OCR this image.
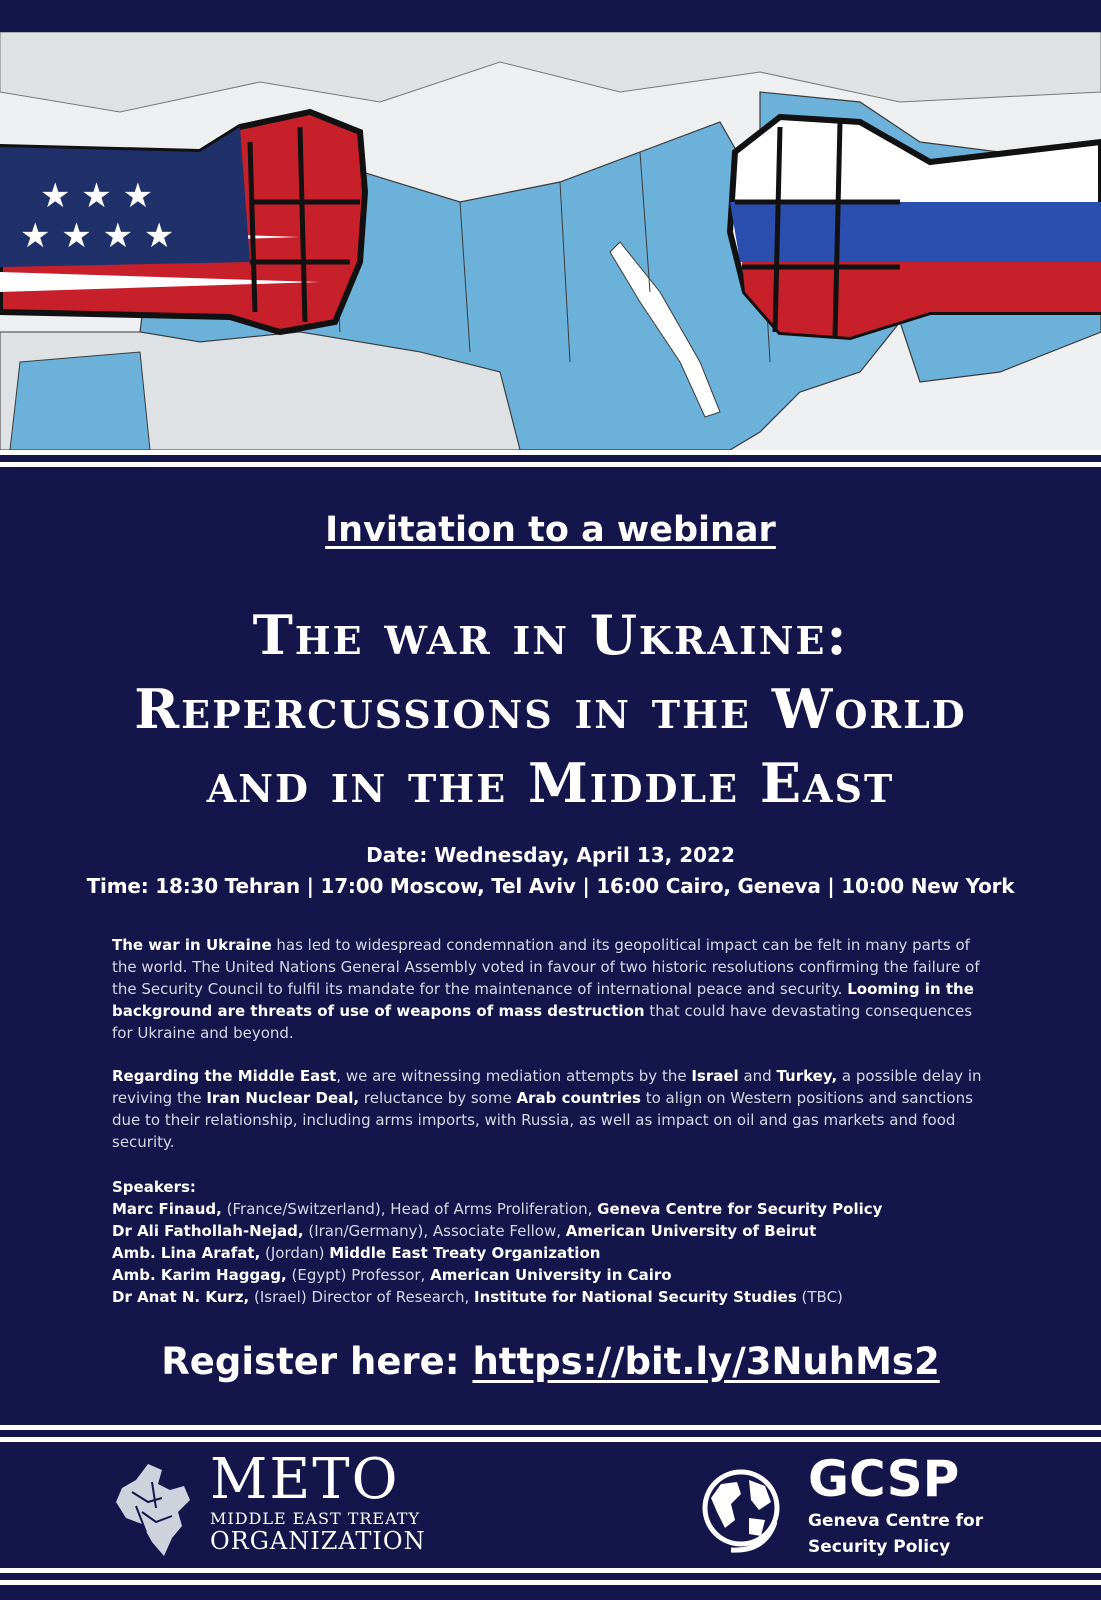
★ ★ ★
★ ★ ★ ★
Invitation to a webinar
The war in Ukraine:
Repercussions in the World
and in the Middle East
Date: Wednesday, April 13, 2022
Time: 18:30 Tehran | 17:00 Moscow, Tel Aviv | 16:00 Cairo, Geneva | 10:00 New York
The war in Ukraine has led to widespread condemnation and its geopolitical impact can be felt in many parts of the world. The United Nations General Assembly voted in favour of two historic resolutions confirming the failure of the Security Council to fulfil its mandate for the maintenance of international peace and security. Looming in the background are threats of use of weapons of mass destruction that could have devastating consequences for Ukraine and beyond.
Regarding the Middle East, we are witnessing mediation attempts by the Israel and Turkey, a possible delay in reviving the Iran Nuclear Deal, reluctance by some Arab countries to align on Western positions and sanctions due to their relationship, including arms imports, with Russia, as well as impact on oil and gas markets and food security.
Speakers:
Marc Finaud, (France/Switzerland), Head of Arms Proliferation, Geneva Centre for Security Policy
Dr Ali Fathollah-Nejad, (Iran/Germany), Associate Fellow, American University of Beirut
Amb. Lina Arafat, (Jordan) Middle East Treaty Organization
Amb. Karim Haggag, (Egypt) Professor, American University in Cairo
Dr Anat N. Kurz, (Israel) Director of Research, Institute for National Security Studies (TBC)
Register here: https://bit.ly/3NuhMs2
METO
MIDDLE EAST TREATY
ORGANIZATION
GCSP
Geneva Centre for
Security Policy
